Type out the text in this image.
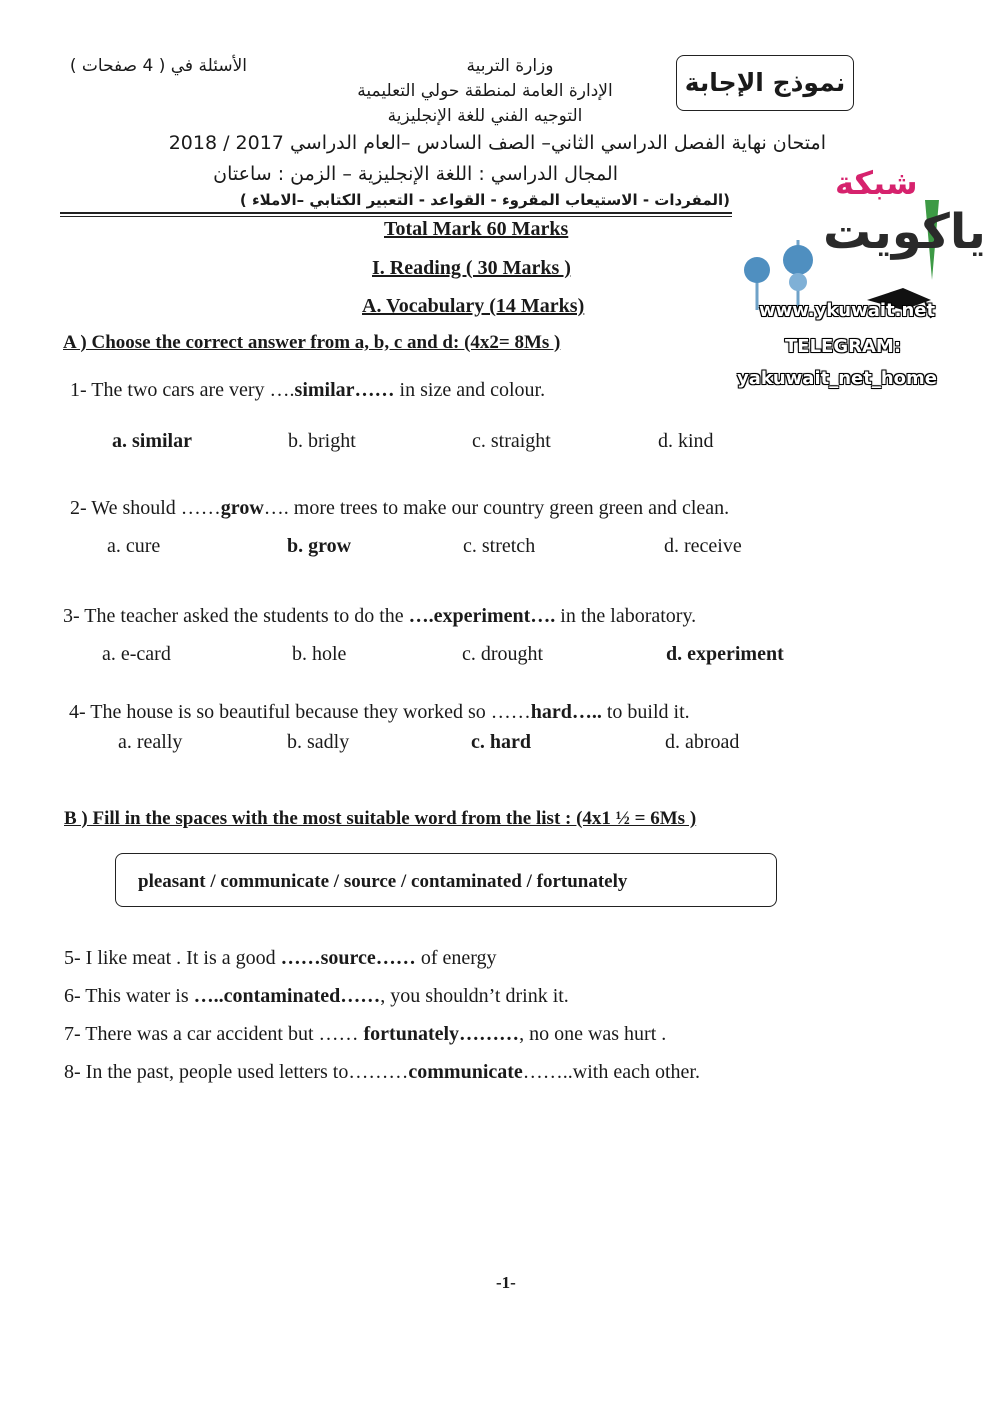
الأسئلة في ( 4 صفحات )	وزارة التربية
الإدارة العامة لمنطقة حولي التعليمية
التوجيه الفني للغة الإنجليزية
نموذج الإجابة
امتحان نهاية الفصل الدراسي الثاني– الصف السادس –العام الدراسي 2017 / 2018
المجال الدراسي : اللغة الإنجليزية – الزمن : ساعتان
(المفردات - الاستيعاب المقروء - القواعد - التعبير الكتابي –الاملاء )	شبكة
ياكويت
www.ykuwait.net
TELEGRAM:
yakuwait_net_home
Total Mark 60 Marks
I. Reading ( 30 Marks )
A. Vocabulary (14 Marks)
A ) Choose the correct answer from a, b, c and d: (4x2= 8Ms )
1- The two cars are very ….similar…… in size and colour.
a. similar	b. bright	c. straight	d. kind
2- We should ……grow…. more trees to make our country green green and clean.
a. cure	b. grow	c. stretch	d. receive
3- The teacher asked the students to do the ….experiment…. in the laboratory.
a. e-card	b. hole	c. drought	d. experiment
4- The house is so beautiful because they worked so ……hard….. to build it.
a. really	b. sadly	c. hard	d. abroad
B ) Fill in the spaces with the most suitable word from the list : (4x1 ½ = 6Ms )
pleasant / communicate / source / contaminated / fortunately
5- I like meat . It is a good ……source…… of energy
6- This water is …..contaminated……, you shouldn’t drink it.
7- There was a car accident but …… fortunately………, no one was hurt .
8- In the past, people used letters to………communicate……..with each other.
-1-
